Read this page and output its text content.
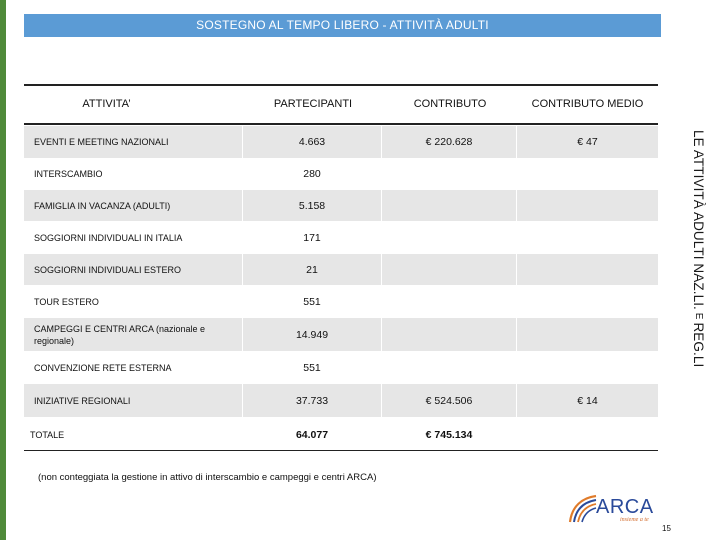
SOSTEGNO AL TEMPO LIBERO - ATTIVITÀ ADULTI
LE ATTIVITÀ ADULTI NAZ.LI. E REG.LI
ATTIVITA’	PARTECIPANTI	CONTRIBUTO	CONTRIBUTO MEDIO
EVENTI E MEETING NAZIONALI	4.663	€ 220.628	€ 47
INTERSCAMBIO	280
FAMIGLIA IN VACANZA (ADULTI)	5.158
SOGGIORNI INDIVIDUALI IN ITALIA	171
SOGGIORNI INDIVIDUALI ESTERO	21
TOUR ESTERO	551
CAMPEGGI E CENTRI ARCA (nazionale e regionale)	14.949
CONVENZIONE RETE ESTERNA	551
INIZIATIVE REGIONALI	37.733	€ 524.506	€ 14
TOTALE	64.077	€ 745.134
(non conteggiata la gestione in attivo di interscambio e campeggi e centri ARCA)
ARCA
insieme a te
15
